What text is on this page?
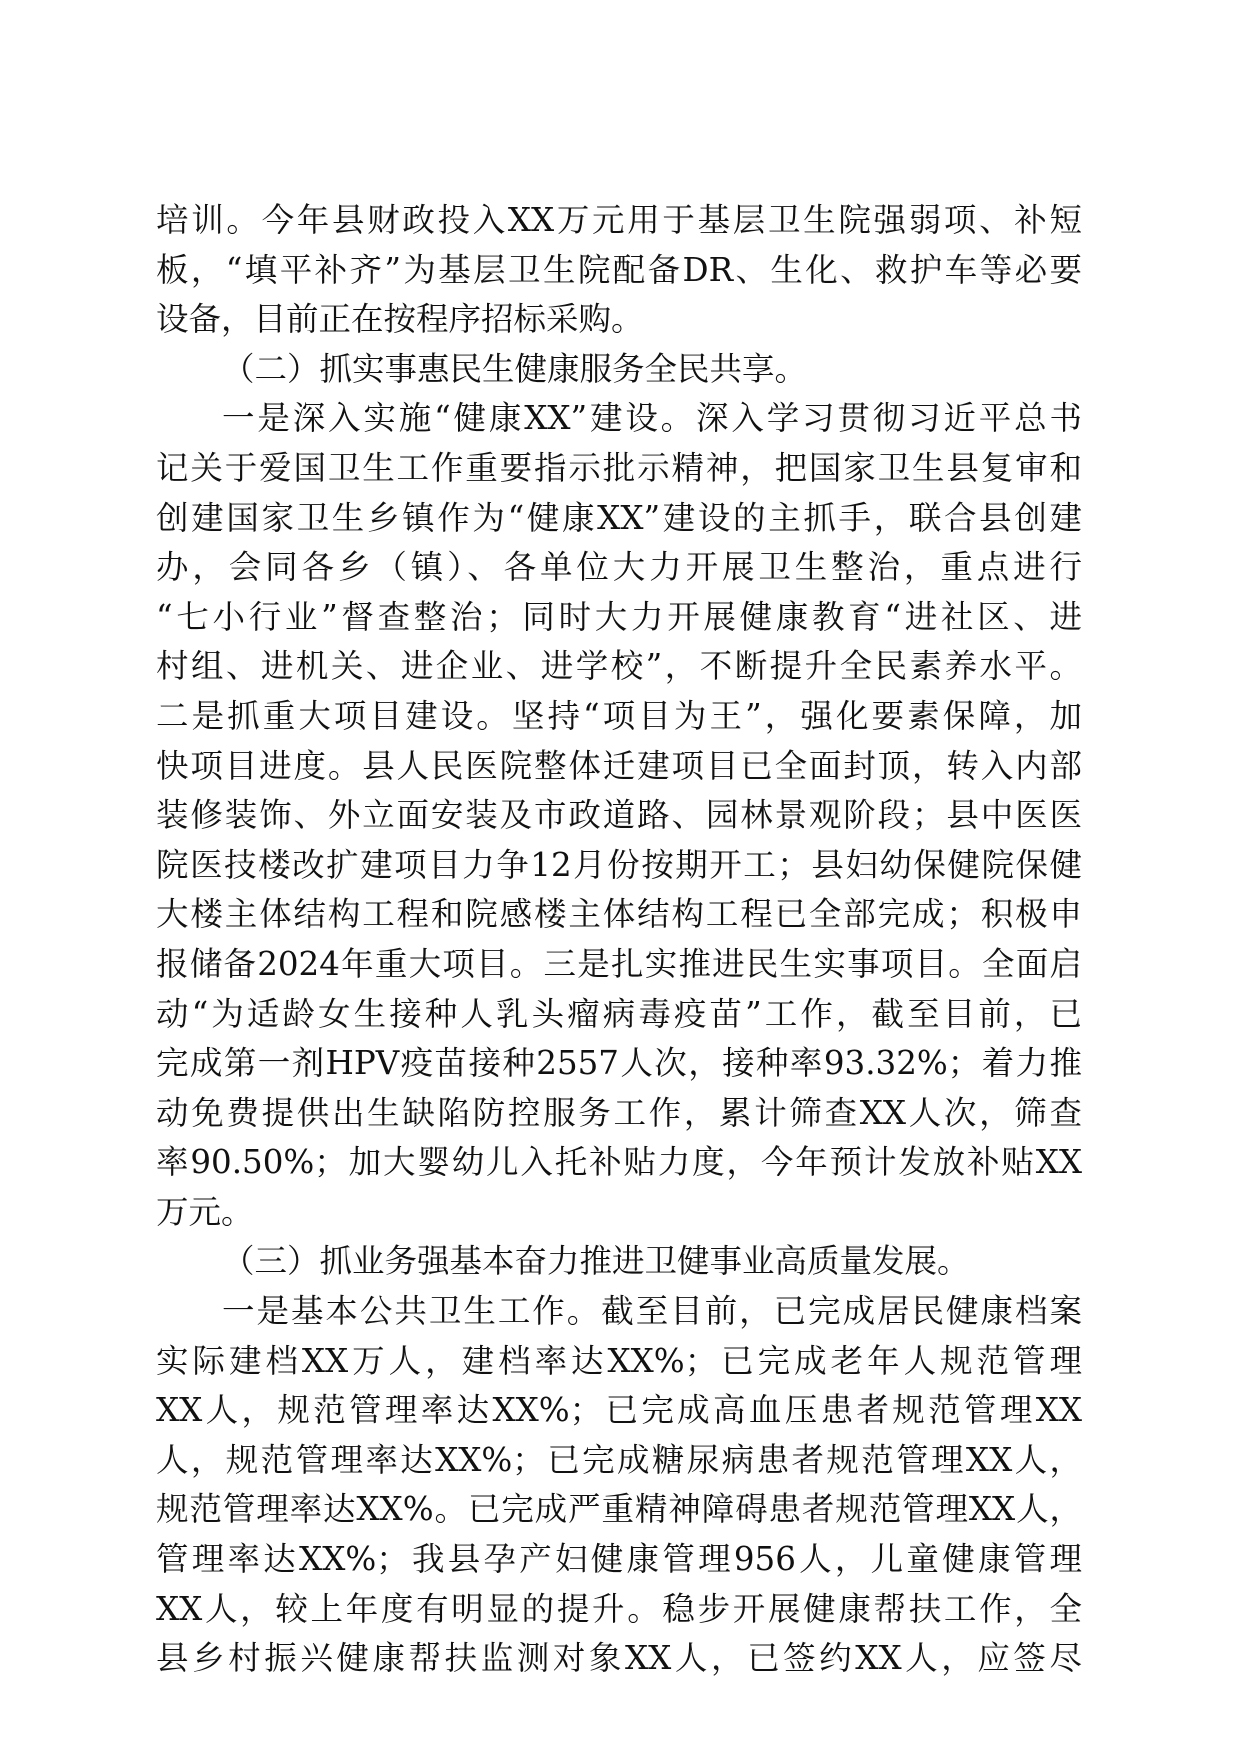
培训。今年县财政投入XX万元用于基层卫生院强弱项、补短
板，“填平补齐”为基层卫生院配备DR、生化、救护车等必要
设备，目前正在按程序招标采购。
（二）抓实事惠民生健康服务全民共享。
一是深入实施“健康XX”建设。深入学习贯彻习近平总书
记关于爱国卫生工作重要指示批示精神，把国家卫生县复审和
创建国家卫生乡镇作为“健康XX”建设的主抓手，联合县创建
办，会同各乡（镇）、各单位大力开展卫生整治，重点进行
“七小行业”督查整治；同时大力开展健康教育“进社区、进
村组、进机关、进企业、进学校”，不断提升全民素养水平。
二是抓重大项目建设。坚持“项目为王”，强化要素保障，加
快项目进度。县人民医院整体迁建项目已全面封顶，转入内部
装修装饰、外立面安装及市政道路、园林景观阶段；县中医医
院医技楼改扩建项目力争12月份按期开工；县妇幼保健院保健
大楼主体结构工程和院感楼主体结构工程已全部完成；积极申
报储备2024年重大项目。三是扎实推进民生实事项目。全面启
动“为适龄女生接种人乳头瘤病毒疫苗”工作，截至目前，已
完成第一剂HPV疫苗接种2557人次，接种率93.32%；着力推
动免费提供出生缺陷防控服务工作，累计筛查XX人次，筛查
率90.50%；加大婴幼儿入托补贴力度，今年预计发放补贴XX
万元。
（三）抓业务强基本奋力推进卫健事业高质量发展。
一是基本公共卫生工作。截至目前，已完成居民健康档案
实际建档XX万人，建档率达XX%；已完成老年人规范管理
XX人，规范管理率达XX%；已完成高血压患者规范管理XX
人，规范管理率达XX%；已完成糖尿病患者规范管理XX人，
规范管理率达XX%。已完成严重精神障碍患者规范管理XX人，
管理率达XX%；我县孕产妇健康管理956人，儿童健康管理
XX人，较上年度有明显的提升。稳步开展健康帮扶工作，全
县乡村振兴健康帮扶监测对象XX人，已签约XX人，应签尽
